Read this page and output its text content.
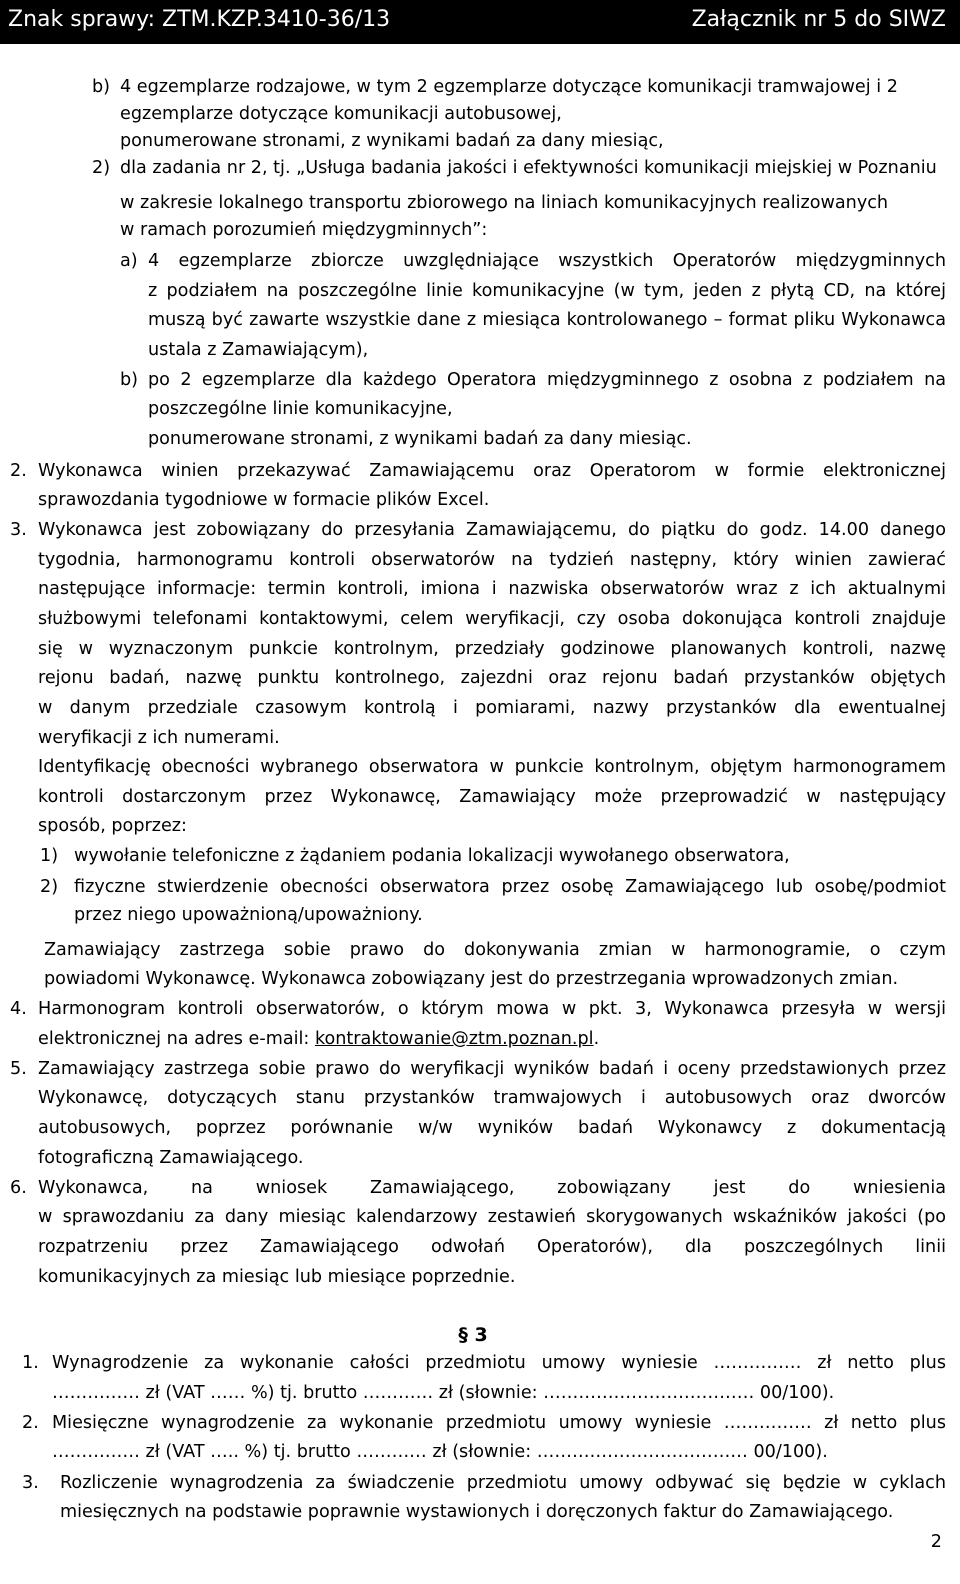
Znak sprawy: ZTM.KZP.3410-36/13	Załącznik nr 5 do SIWZ
b) 4 egzemplarze rodzajowe, w tym 2 egzemplarze dotyczące komunikacji tramwajowej i 2
egzemplarze dotyczące komunikacji autobusowej,
ponumerowane stronami, z wynikami badań za dany miesiąc,
2) dla zadania nr 2, tj. „Usługa badania jakości i efektywności komunikacji miejskiej w Poznaniu
w zakresie lokalnego transportu zbiorowego na liniach komunikacyjnych realizowanych
w ramach porozumień międzygminnych”:
a) 4 egzemplarze zbiorcze uwzględniające wszystkich Operatorów międzygminnych
z podziałem na poszczególne linie komunikacyjne (w tym, jeden z płytą CD, na której
muszą być zawarte wszystkie dane z miesiąca kontrolowanego – format pliku Wykonawca
ustala z Zamawiającym),
b) po 2 egzemplarze dla każdego Operatora międzygminnego z osobna z podziałem na
poszczególne linie komunikacyjne,
ponumerowane stronami, z wynikami badań za dany miesiąc.
2. Wykonawca winien przekazywać Zamawiającemu oraz Operatorom w formie elektronicznej
sprawozdania tygodniowe w formacie plików Excel.
3. Wykonawca jest zobowiązany do przesyłania Zamawiającemu, do piątku do godz. 14.00 danego
tygodnia, harmonogramu kontroli obserwatorów na tydzień następny, który winien zawierać
następujące informacje: termin kontroli, imiona i nazwiska obserwatorów wraz z ich aktualnymi
służbowymi telefonami kontaktowymi, celem weryfikacji, czy osoba dokonująca kontroli znajduje
się w wyznaczonym punkcie kontrolnym, przedziały godzinowe planowanych kontroli, nazwę
rejonu badań, nazwę punktu kontrolnego, zajezdni oraz rejonu badań przystanków objętych
w danym przedziale czasowym kontrolą i pomiarami, nazwy przystanków dla ewentualnej
weryfikacji z ich numerami.
Identyfikację obecności wybranego obserwatora w punkcie kontrolnym, objętym harmonogramem
kontroli dostarczonym przez Wykonawcę, Zamawiający może przeprowadzić w następujący
sposób, poprzez:
1) wywołanie telefoniczne z żądaniem podania lokalizacji wywołanego obserwatora,
2) fizyczne stwierdzenie obecności obserwatora przez osobę Zamawiającego lub osobę/podmiot
przez niego upoważnioną/upoważniony.
Zamawiający zastrzega sobie prawo do dokonywania zmian w harmonogramie, o czym
powiadomi Wykonawcę. Wykonawca zobowiązany jest do przestrzegania wprowadzonych zmian.
4. Harmonogram kontroli obserwatorów, o którym mowa w pkt. 3, Wykonawca przesyła w wersji
elektronicznej na adres e-mail: kontraktowanie@ztm.poznan.pl.
5. Zamawiający zastrzega sobie prawo do weryfikacji wyników badań i oceny przedstawionych przez
Wykonawcę, dotyczących stanu przystanków tramwajowych i autobusowych oraz dworców
autobusowych, poprzez porównanie w/w wyników badań Wykonawcy z dokumentacją
fotograficzną Zamawiającego.
6. Wykonawca, na wniosek Zamawiającego, zobowiązany jest do wniesienia
w sprawozdaniu za dany miesiąc kalendarzowy zestawień skorygowanych wskaźników jakości (po
rozpatrzeniu przez Zamawiającego odwołań Operatorów), dla poszczególnych linii
komunikacyjnych za miesiąc lub miesiące poprzednie.
§ 3
1. Wynagrodzenie za wykonanie całości przedmiotu umowy wyniesie …………… zł netto plus
…………… zł (VAT …… %) tj. brutto ………… zł (słownie: ……………………………… 00/100).
2. Miesięczne wynagrodzenie za wykonanie przedmiotu umowy wyniesie …………… zł netto plus
…………… zł (VAT ….. %) tj. brutto ………… zł (słownie: ……………………………… 00/100).
3. Rozliczenie wynagrodzenia za świadczenie przedmiotu umowy odbywać się będzie w cyklach
miesięcznych na podstawie poprawnie wystawionych i doręczonych faktur do Zamawiającego.
2
